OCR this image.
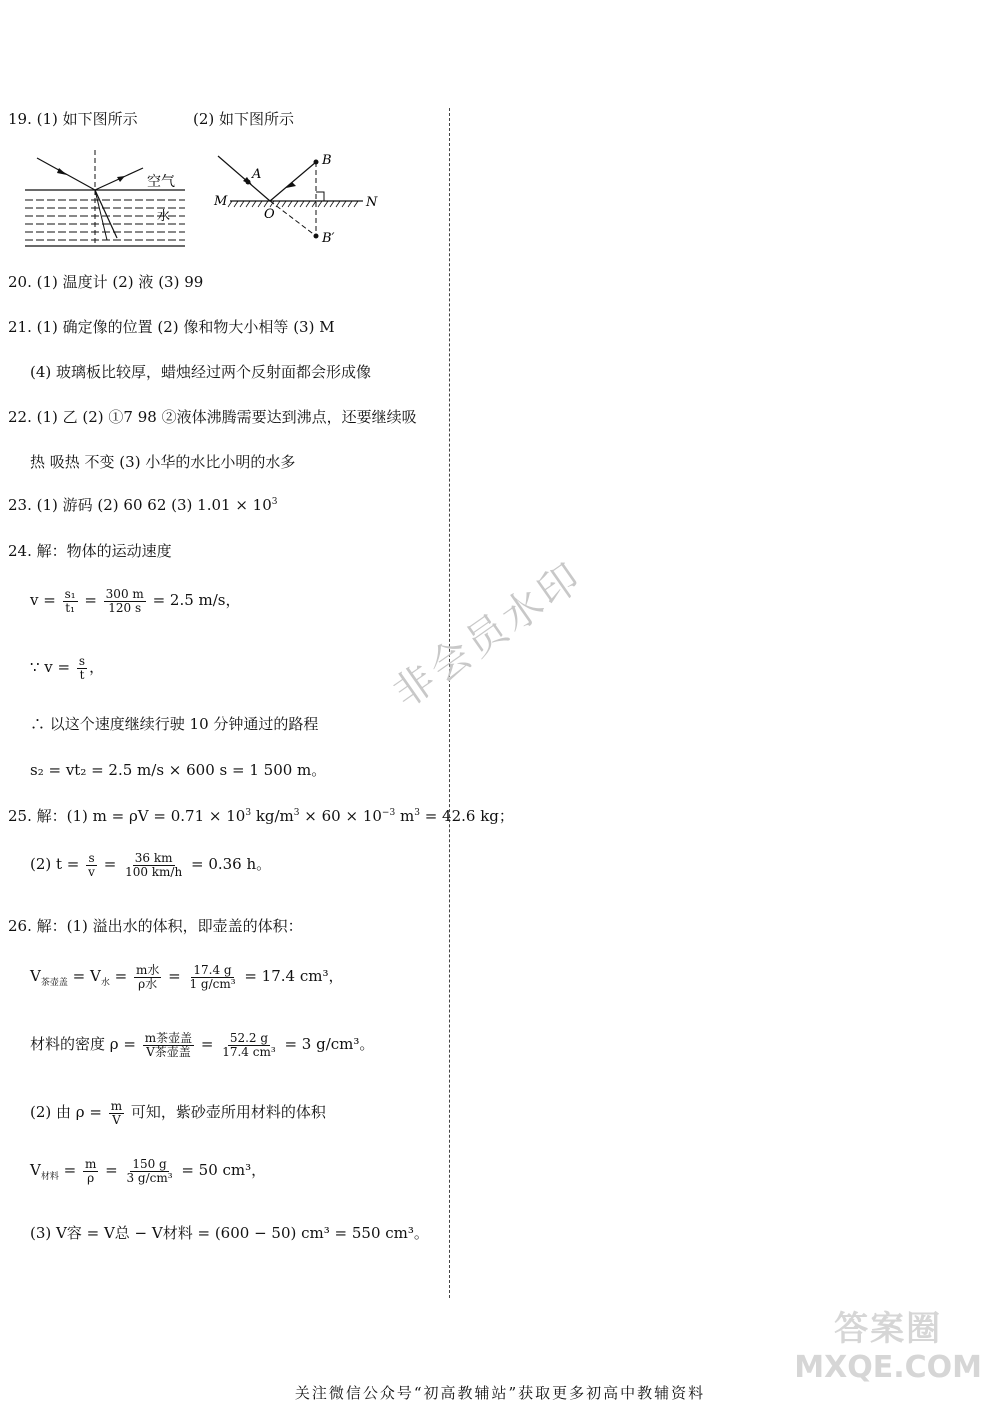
19. (1) 如下图所示	(2) 如下图所示
空气
水
A
B
M	N
O
B′
20. (1) 温度计 (2) 液 (3) 99
21. (1) 确定像的位置 (2) 像和物大小相等 (3) M
(4) 玻璃板比较厚，蜡烛经过两个反射面都会形成像
22. (1) 乙 (2) ①7 98 ②液体沸腾需要达到沸点，还要继续吸
热 吸热 不变 (3) 小华的水比小明的水多
23. (1) 游码 (2) 60 62 (3) $1.01 \times 10^3$
24. 解：物体的运动速度
$v = \frac{\text{s₁}}{\text{t₁}} = \frac{300 m}{120 s} = 2.5$ m/s，
∵ $v = \frac{s}{t}$ ，
∴ 以这个速度继续行驶 10 分钟通过的路程
s₂ = vt₂ = 2.5 m/s × 600 s = 1 500 m。
25. 解：(1) $m = \rho V = 0.71 \times 10^3$ $kg/m^3 \times 60 \times 10^{-3}$ $m^3 = 42.6$ kg；
(2) $t = \frac{s}{v} = \frac{36 km}{100 km/h} = 0.36$ h。
26. 解：(1) 溢出水的体积，即壶盖的体积：
$V_{茶壶盖} = V_水 = \frac{\text{m水}}{\text{ρ水}} = \frac{17.4 g}{\text{1 g/cm³}} = 17.4$ cm³，
材料的密度 $\rho = \frac{\text{m茶壶盖}}{\text{V茶壶盖}} = \frac{52.2 g}{\text{17.4 cm³}} = 3$ g/cm³。
(2) 由 $\rho = \frac{m}{V}$ 可知，紫砂壶所用材料的体积
$V_{材料} = \frac{m}{\rho} = \frac{150 g}{\text{3 g/cm³}} = 50$ cm³，
(3) V容 = V总 − V材料 = (600 − 50) cm³ = 550 cm³。
非会员水印
答案圈
MXQE.COM
关注微信公众号“初高教辅站”获取更多初高中教辅资料
